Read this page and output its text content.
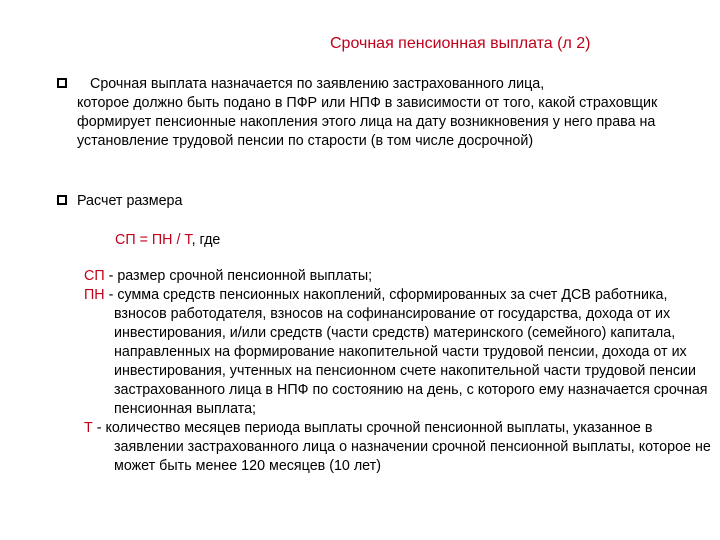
Срочная пенсионная выплата (л 2)
Срочная выплата назначается по заявлению застрахованного лица,
которое должно быть подано в ПФР или НПФ в зависимости от того, какой страховщик формирует пенсионные накопления этого лица на дату возникновения у него права на установление трудовой пенсии по старости (в том числе досрочной)
Расчет размера
СП = ПН / Т, где
СП - размер срочной пенсионной выплаты;
ПН - сумма средств пенсионных накоплений, сформированных за счет ДСВ работника, взносов работодателя, взносов на софинансирование от государства, дохода от их инвестирования, и/или средств (части средств) материнского (семейного) капитала, направленных на формирование накопительной части трудовой пенсии, дохода от их инвестирования, учтенных на пенсионном счете накопительной части трудовой пенсии застрахованного лица в НПФ по состоянию на день, с которого ему назначается срочная пенсионная выплата;
Т - количество месяцев периода выплаты срочной пенсионной выплаты, указанное в заявлении застрахованного лица о назначении срочной пенсионной выплаты, которое не может быть менее 120 месяцев (10 лет)
